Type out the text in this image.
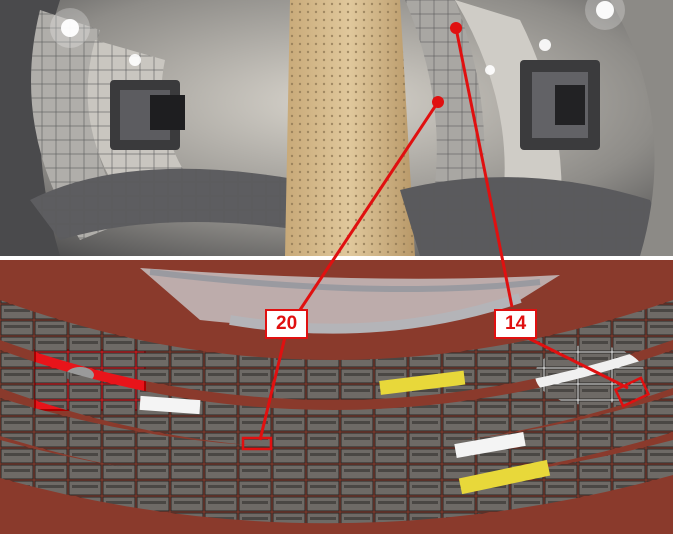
20	14
